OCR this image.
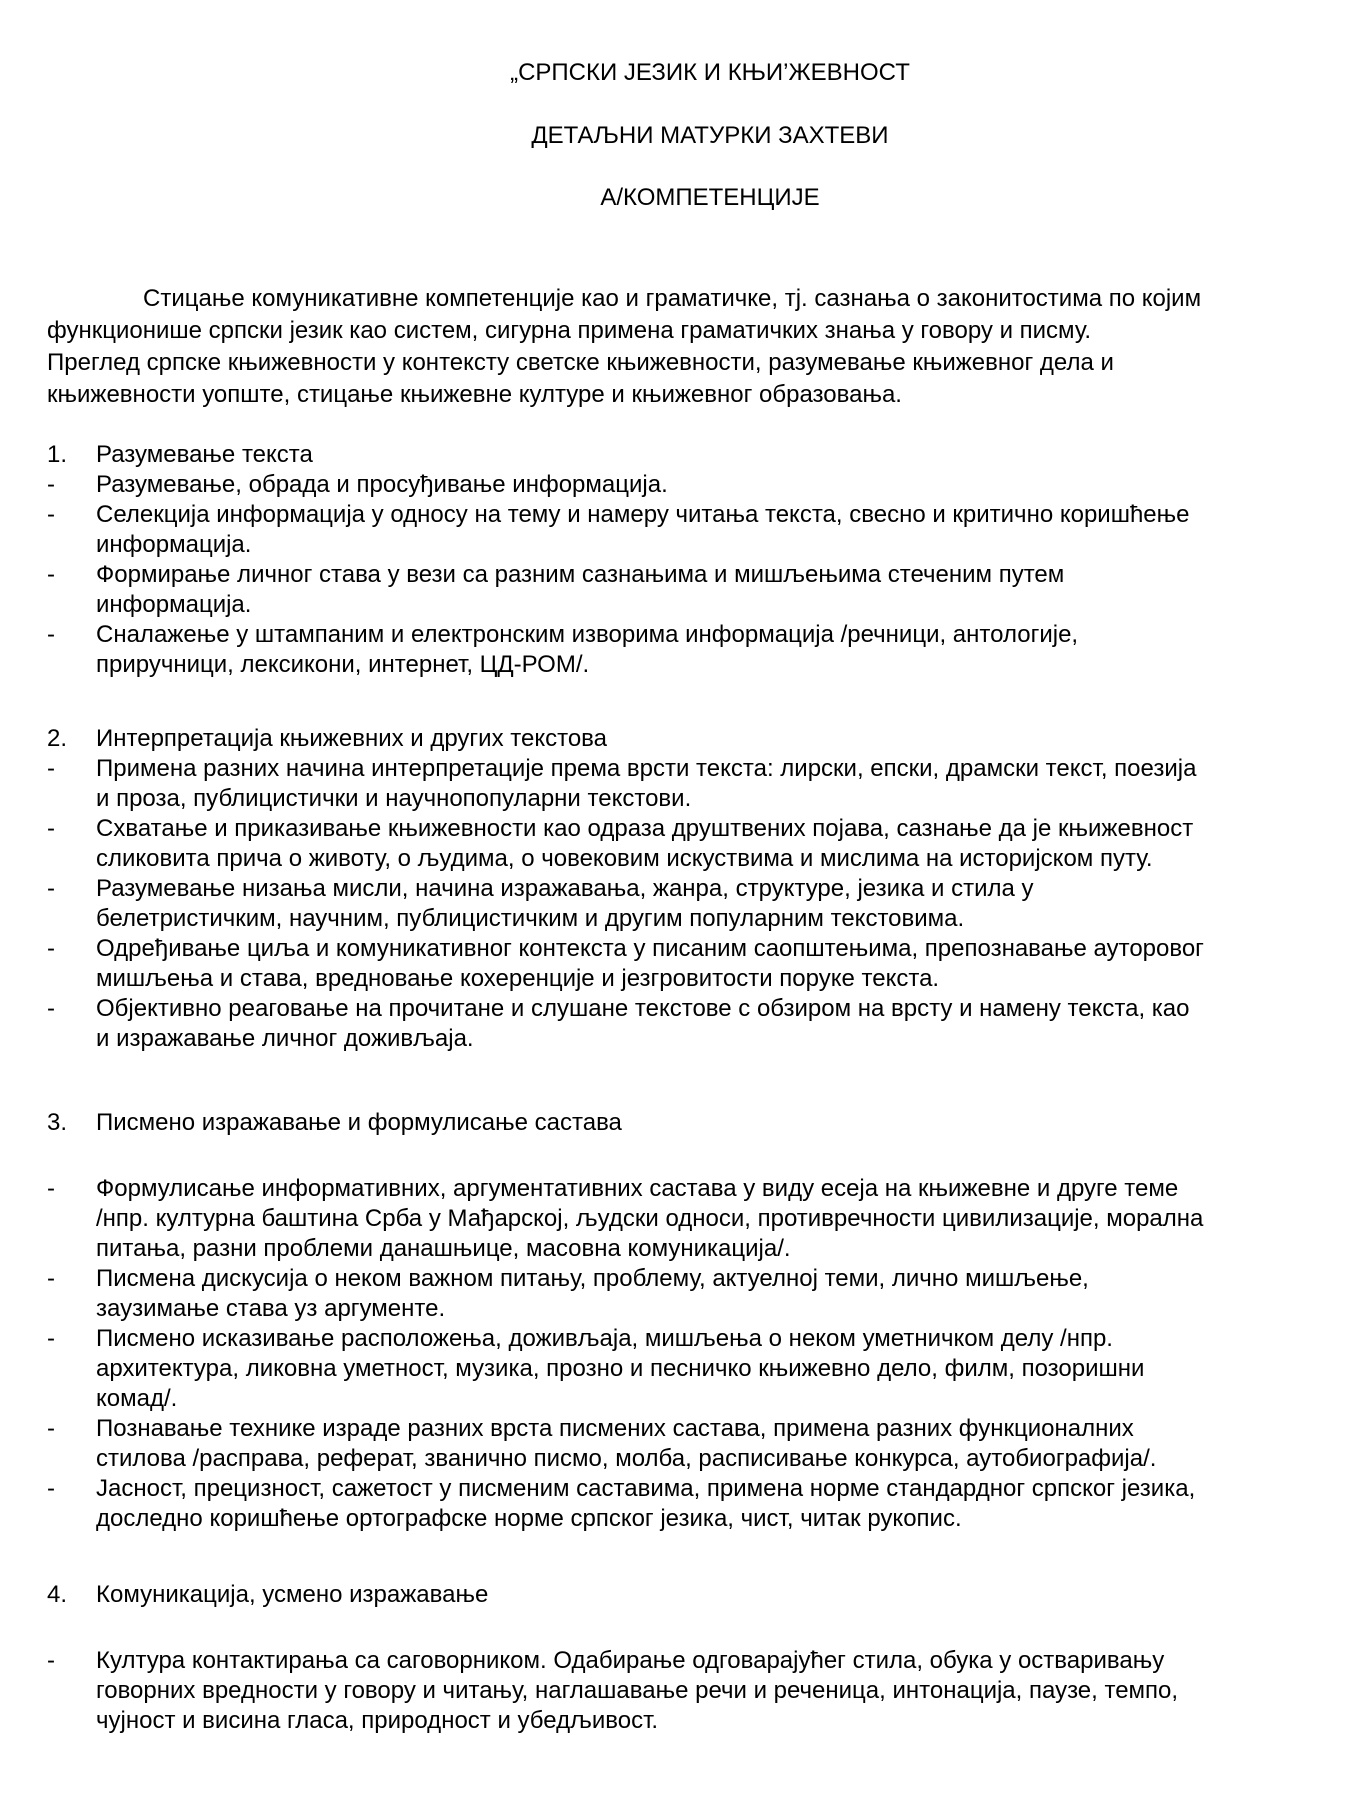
„СРПСКИ ЈЕЗИК И КЊИ’ЖЕВНОСТ
ДЕТАЉНИ МАТУРКИ ЗАХТЕВИ
А/КОМПЕТЕНЦИЈЕ
Стицање комуникативне компетенције као и граматичке, тј. сазнања о законитостима по којим
функционише српски језик као систем, сигурна примена граматичких знања у говору и писму.
Преглед српске књижевности у контексту светске књижевности, разумевање књижевног дела и
књижевности уопште, стицање књижевне културе и књижевног образовања.
1. Разумевање текста
-	Разумевање, обрада и просуђивање информација.
-	Селекција информација у односу на тему и намеру читања текста, свесно и критично коришћење
информација.
-	Формирање личног става у вези са разним сазнањима и мишљењима стеченим путем
информација.
-	Сналажење у штампаним и електронским изворима информација /речници, антологије,
приручници, лексикони, интернет, ЦД-РОМ/.
2. Интерпретација књижевних и других текстова
-	Примена разних начина интерпретације према врсти текста: лирски, епски, драмски текст, поезија
и проза, публицистички и научнопопуларни текстови.
-	Схватање и приказивање књижевности као одраза друштвених појава, сазнање да је књижевност
сликовита прича о животу, о људима, о човековим искуствима и мислима на историјском путу.
-	Разумевање низања мисли, начина изражавања, жанра, структуре, језика и стила у
белетристичким, научним, публицистичким и другим популарним текстовима.
-	Одређивање циља и комуникативног контекста у писаним саопштењима, препознавање ауторовог
мишљења и става, вредновање кохеренције и језгровитости поруке текста.
-	Објективно реаговање на прочитане и слушане текстове с обзиром на врсту и намену текста, као
и изражавање личног доживљаја.
3. Писмено изражавање и формулисање састава
-	Формулисање информативних, аргументативних састава у виду есеја на књижевне и друге теме
/нпр. културна баштина Срба у Мађарској, људски односи, противречности цивилизације, морална
питања, разни проблеми данашњице, масовна комуникација/.
-	Писмена дискусија о неком важном питању, проблему, актуелној теми, лично мишљење,
заузимање става уз аргументе.
-	Писмено исказивање расположења, доживљаја, мишљења о неком уметничком делу /нпр.
архитектура, ликовна уметност, музика, прозно и песничко књижевно дело, филм, позоришни
комад/.
-	Познавање технике израде разних врста писмених састава, примена разних функционалних
стилова /расправа, реферат, званично писмо, молба, расписивање конкурса, аутобиографија/.
-	Јасност, прецизност, сажетост у писменим саставима, примена норме стандардног српског језика,
доследно коришћење ортографске норме српског језика, чист, читак рукопис.
4. Комуникација, усмено изражавање
-	Култура контактирања са саговорником. Одабирање одговарајућег стила, обука у остваривању
говорних вредности у говору и читању, наглашавање речи и реченица, интонација, паузе, темпо,
чујност и висина гласа, природност и убедљивост.
